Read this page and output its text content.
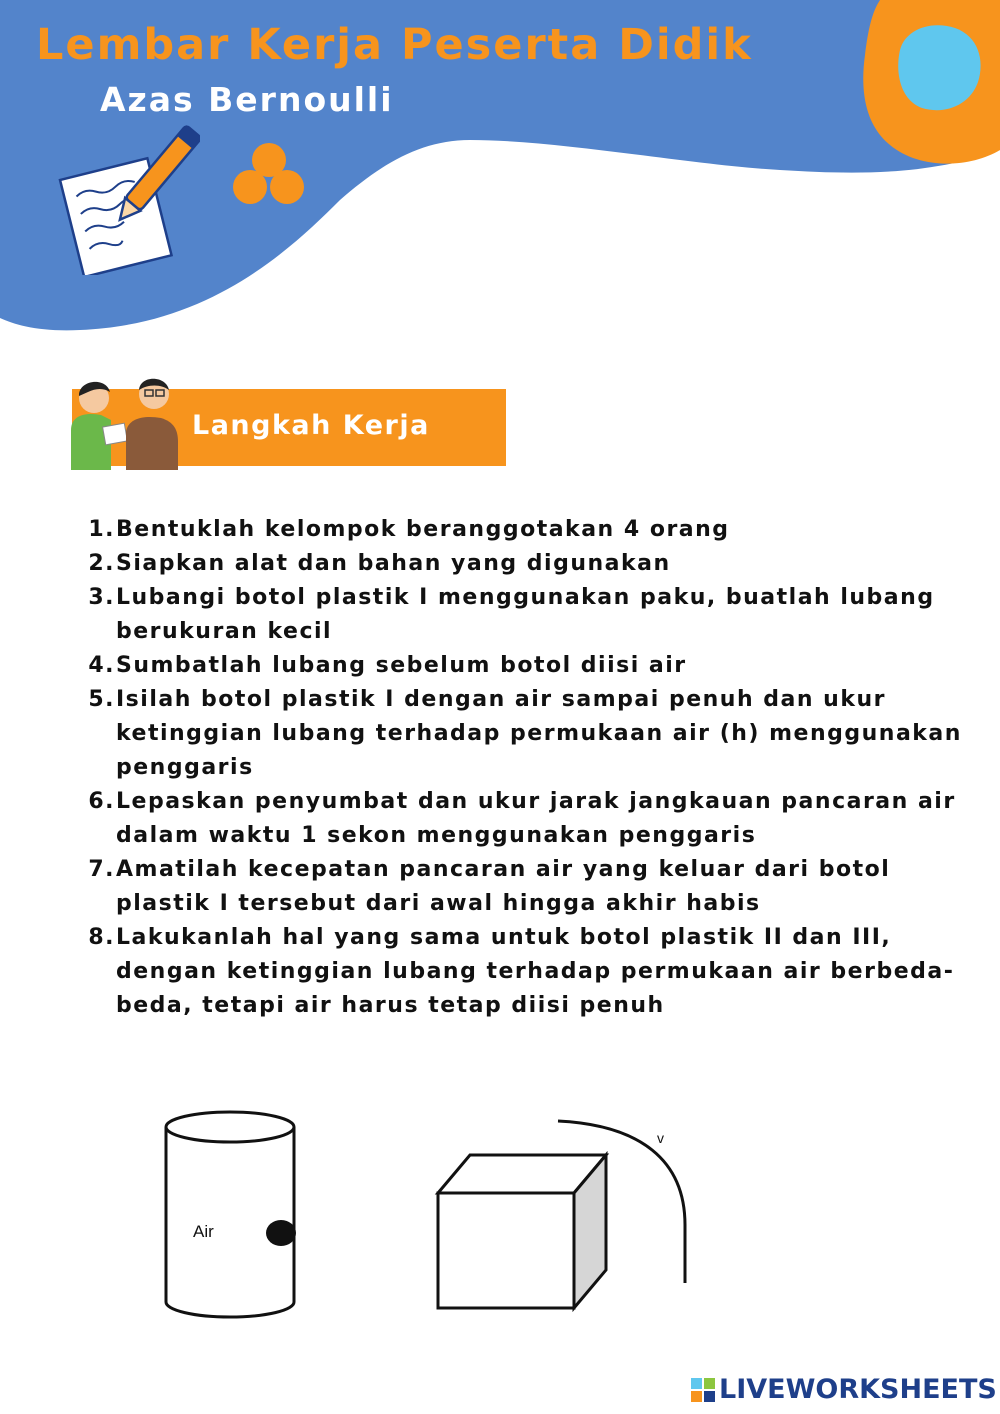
Lembar Kerja Peserta Didik
Azas Bernoulli
Langkah Kerja
1. Bentuklah kelompok beranggotakan 4 orang
2. Siapkan alat dan bahan yang digunakan
3. Lubangi botol plastik I menggunakan paku, buatlah lubang berukuran kecil
4. Sumbatlah lubang sebelum botol diisi air
5. Isilah botol plastik I dengan air sampai penuh dan ukur ketinggian lubang terhadap permukaan air (h) menggunakan penggaris
6. Lepaskan penyumbat dan ukur jarak jangkauan pancaran air dalam waktu 1 sekon menggunakan penggaris
7. Amatilah kecepatan pancaran air yang keluar dari botol plastik I tersebut dari awal hingga akhir habis
8. Lakukanlah hal yang sama untuk botol plastik II dan III, dengan ketinggian lubang terhadap permukaan air berbeda-beda, tetapi air harus tetap diisi penuh
Air
v
LIVEWORKSHEETS
